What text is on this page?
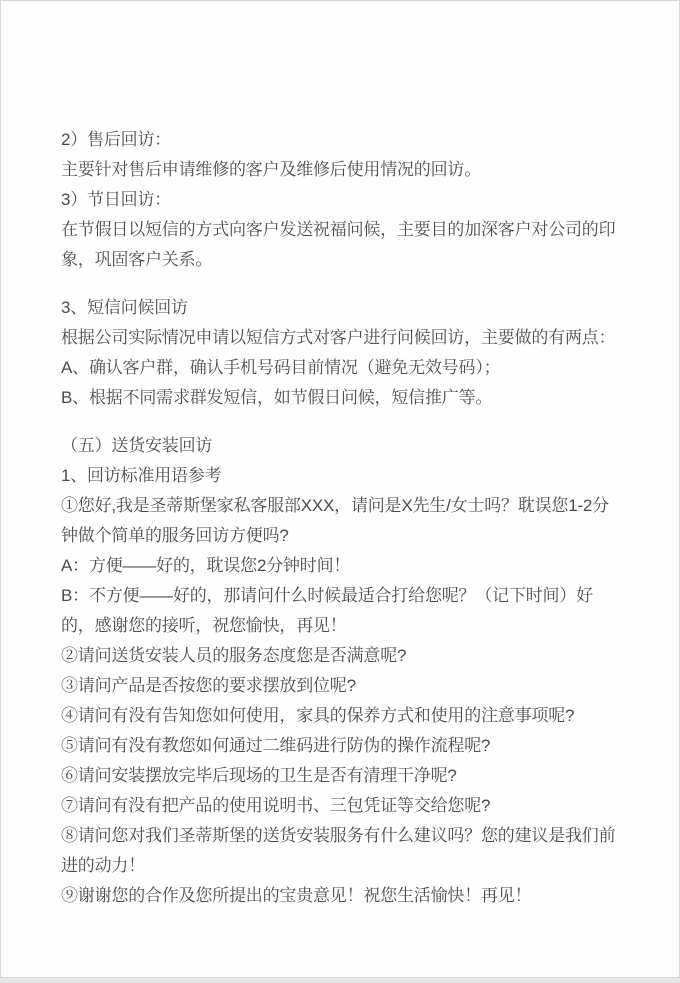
2）售后回访：

主要针对售后申请维修的客户及维修后使用情况的回访。

3）节日回访：

在节假日以短信的方式向客户发送祝福问候，主要目的加深客户对公司的印象，巩固客户关系。

3、短信问候回访

根据公司实际情况申请以短信方式对客户进行问候回访，主要做的有两点：

A、确认客户群，确认手机号码目前情况（避免无效号码）；

B、根据不同需求群发短信，如节假日问候，短信推广等。

（五）送货安装回访

1、回访标准用语参考

①您好,我是圣蒂斯堡家私客服部XXX，请问是X先生/女士吗？耽误您1-2分钟做个简单的服务回访方便吗?

A：方便——好的，耽误您2分钟时间！

B：不方便——好的，那请问什么时候最适合打给您呢？（记下时间）好的，感谢您的接听，祝您愉快，再见！

②请问送货安装人员的服务态度您是否满意呢?

③请问产品是否按您的要求摆放到位呢?

④请问有没有告知您如何使用，家具的保养方式和使用的注意事项呢?

⑤请问有没有教您如何通过二维码进行防伪的操作流程呢?

⑥请问安装摆放完毕后现场的卫生是否有清理干净呢?

⑦请问有没有把产品的使用说明书、三包凭证等交给您呢?

⑧请问您对我们圣蒂斯堡的送货安装服务有什么建议吗？您的建议是我们前进的动力！

⑨谢谢您的合作及您所提出的宝贵意见！祝您生活愉快！再见！
